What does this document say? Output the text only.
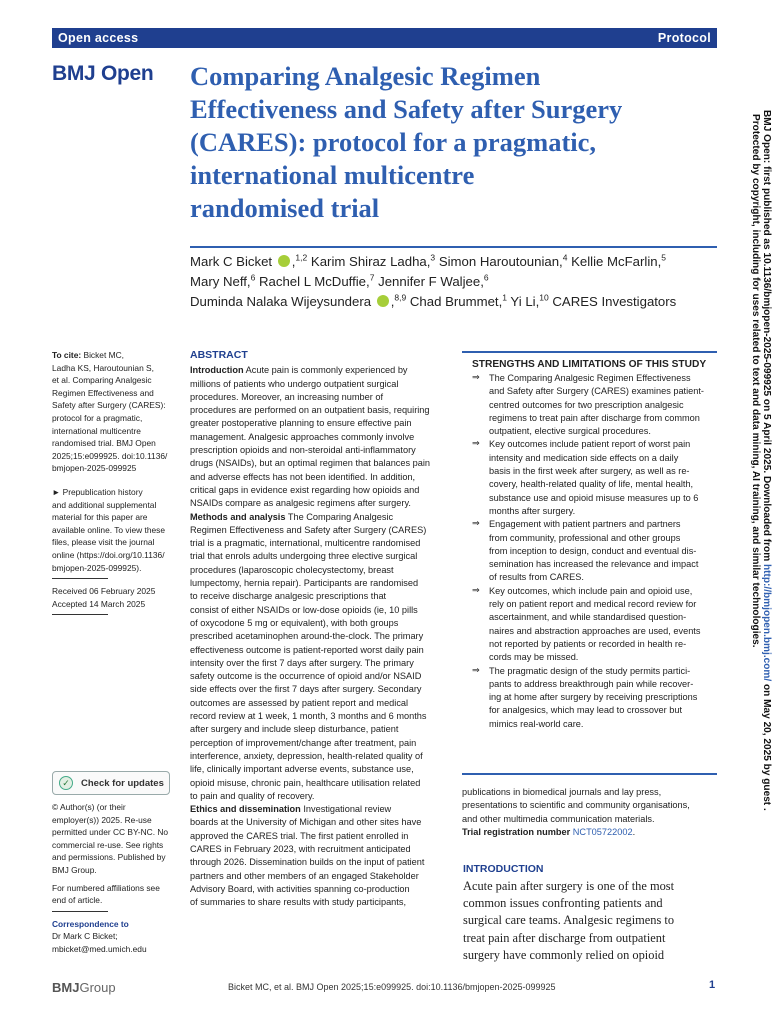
Open access	Protocol
BMJ Open Comparing Analgesic Regimen
Effectiveness and Safety after Surgery
(CARES): protocol for a pragmatic,
international multicentre
randomised trial
Mark C Bicket ,$^{1,2}$ Karim Shiraz Ladha,$^3$ Simon Haroutounian,$^4$ Kellie McFarlin,$^5$
Mary Neff,$^6$ Rachel L McDuffie,$^7$ Jennifer F Waljee,$^6$
Duminda Nalaka Wijeysundera ,$^{8,9}$ Chad Brummet,$^1$ Yi Li,$^{10}$ CARES Investigators
To cite: Bicket MC,
Ladha KS, Haroutounian S,
et al. Comparing Analgesic
Regimen Effectiveness and
Safety after Surgery (CARES):
protocol for a pragmatic,
international multicentre
randomised trial. BMJ Open
2025;15:e099925. doi:10.1136/
bmjopen-2025-099925
► Prepublication history
and additional supplemental
material for this paper are
available online. To view these
files, please visit the journal
online (https://doi.org/10.1136/
bmjopen-2025-099925).
Received 06 February 2025
Accepted 14 March 2025
✓	Check for updates
© Author(s) (or their
employer(s)) 2025. Re-use
permitted under CC BY-NC. No
commercial re-use. See rights
and permissions. Published by
BMJ Group.
For numbered affiliations see
end of article.
Correspondence to
Dr Mark C Bicket;
mbicket@med.umich.edu
ABSTRACT
Introduction Acute pain is commonly experienced by
millions of patients who undergo outpatient surgical
procedures. Moreover, an increasing number of
procedures are performed on an outpatient basis, requiring
greater postoperative planning to ensure effective pain
management. Analgesic approaches commonly involve
prescription opioids and non-steroidal anti-inflammatory
drugs (NSAIDs), but an optimal regimen that balances pain
and adverse effects has not been identified. In addition,
critical gaps in evidence exist regarding how opioids and
NSAIDs compare as analgesic regimens after surgery.
Methods and analysis The Comparing Analgesic
Regimen Effectiveness and Safety after Surgery (CARES)
trial is a pragmatic, international, multicentre randomised
trial that enrols adults undergoing three elective surgical
procedures (laparoscopic cholecystectomy, breast
lumpectomy, hernia repair). Participants are randomised
to receive discharge analgesic prescriptions that
consist of either NSAIDs or low-dose opioids (ie, 10 pills
of oxycodone 5 mg or equivalent), with both groups
prescribed acetaminophen around-the-clock. The primary
effectiveness outcome is patient-reported worst daily pain
intensity over the first 7 days after surgery. The primary
safety outcome is the occurrence of opioid and/or NSAID
side effects over the first 7 days after surgery. Secondary
outcomes are assessed by patient report and medical
record review at 1 week, 1 month, 3 months and 6 months
after surgery and include sleep disturbance, patient
perception of improvement/change after treatment, pain
interference, anxiety, depression, health-related quality of
life, clinically important adverse events, substance use,
opioid misuse, chronic pain, healthcare utilisation related
to pain and quality of recovery.
Ethics and dissemination Investigational review
boards at the University of Michigan and other sites have
approved the CARES trial. The first patient enrolled in
CARES in February 2023, with recruitment anticipated
through 2026. Dissemination builds on the input of patient
partners and other members of an engaged Stakeholder
Advisory Board, with activities spanning co-production
of summaries to share results with study participants,
STRENGTHS AND LIMITATIONS OF THIS STUDY
⇒ The Comparing Analgesic Regimen Effectiveness
and Safety after Surgery (CARES) examines patient-
centred outcomes for two prescription analgesic
regimens to treat pain after discharge from common
outpatient, elective surgical procedures.
⇒ Key outcomes include patient report of worst pain
intensity and medication side effects on a daily
basis in the first week after surgery, as well as re-
covery, health-related quality of life, mental health,
substance use and opioid misuse measures up to 6
months after surgery.
⇒ Engagement with patient partners and partners
from community, professional and other groups
from inception to design, conduct and eventual dis-
semination has increased the relevance and impact
of results from CARES.
⇒ Key outcomes, which include pain and opioid use,
rely on patient report and medical record review for
ascertainment, and while standardised question-
naires and abstraction approaches are used, events
not reported by patients or recorded in health re-
cords may be missed.
⇒ The pragmatic design of the study permits partici-
pants to address breakthrough pain while recover-
ing at home after surgery by receiving prescriptions
for analgesics, which may lead to crossover but
mimics real-world care.
publications in biomedical journals and lay press,
presentations to scientific and community organisations,
and other multimedia communication materials.
Trial registration number NCT05722002.
INTRODUCTION
Acute pain after surgery is one of the most
common issues confronting patients and
surgical care teams. Analgesic regimens to
treat pain after discharge from outpatient
surgery have commonly relied on opioid
BMJ Open: first published as 10.1136/bmjopen-2025-099925 on 5 April 2025. Downloaded from http://bmjopen.bmj.com/ on May 20, 2025 by guest .
Protected by copyright, including for uses related to text and data mining, AI training, and similar technologies.
BMJGroup	Bicket MC, et al. BMJ Open 2025;15:e099925. doi:10.1136/bmjopen-2025-099925	1
